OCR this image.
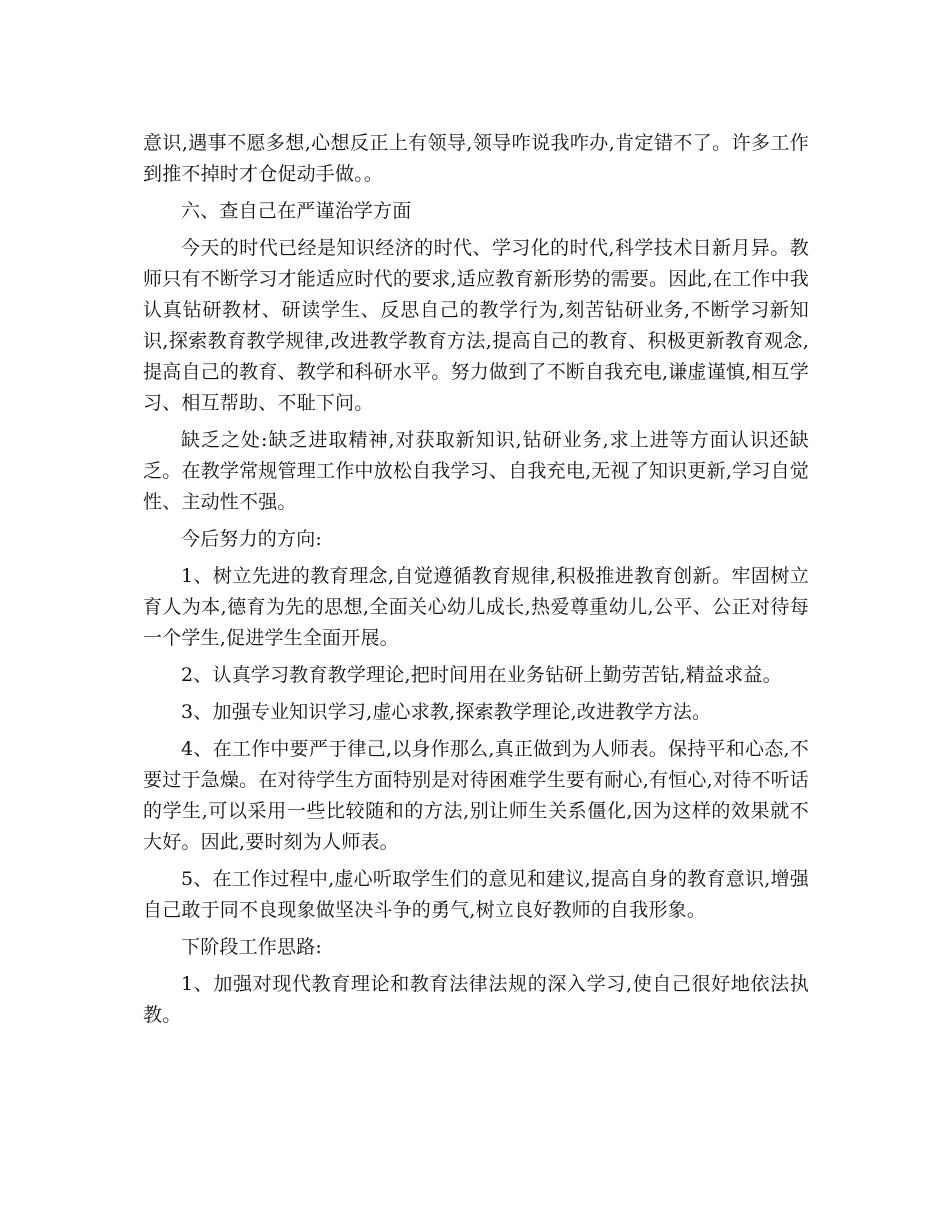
意识,遇事不愿多想,心想反正上有领导,领导咋说我咋办,肯定错不了。许多工作到推不掉时才仓促动手做。。

六、查自己在严谨治学方面

今天的时代已经是知识经济的时代、学习化的时代,科学技术日新月异。教师只有不断学习才能适应时代的要求,适应教育新形势的需要。因此,在工作中我认真钻研教材、研读学生、反思自己的教学行为,刻苦钻研业务,不断学习新知识,探索教育教学规律,改进教学教育方法,提高自己的教育、积极更新教育观念,提高自己的教育、教学和科研水平。努力做到了不断自我充电,谦虚谨慎,相互学习、相互帮助、不耻下问。

缺乏之处:缺乏进取精神,对获取新知识,钻研业务,求上进等方面认识还缺乏。在教学常规管理工作中放松自我学习、自我充电,无视了知识更新,学习自觉性、主动性不强。

今后努力的方向:

1、树立先进的教育理念,自觉遵循教育规律,积极推进教育创新。牢固树立育人为本,德育为先的思想,全面关心幼儿成长,热爱尊重幼儿,公平、公正对待每一个学生,促进学生全面开展。

2、认真学习教育教学理论,把时间用在业务钻研上勤劳苦钻,精益求益。

3、加强专业知识学习,虚心求教,探索教学理论,改进教学方法。

4、在工作中要严于律己,以身作那么,真正做到为人师表。保持平和心态,不要过于急燥。在对待学生方面特别是对待困难学生要有耐心,有恒心,对待不听话的学生,可以采用一些比较随和的方法,别让师生关系僵化,因为这样的效果就不大好。因此,要时刻为人师表。

5、在工作过程中,虚心听取学生们的意见和建议,提高自身的教育意识,增强自己敢于同不良现象做坚决斗争的勇气,树立良好教师的自我形象。

下阶段工作思路:

1、加强对现代教育理论和教育法律法规的深入学习,使自己很好地依法执教。
